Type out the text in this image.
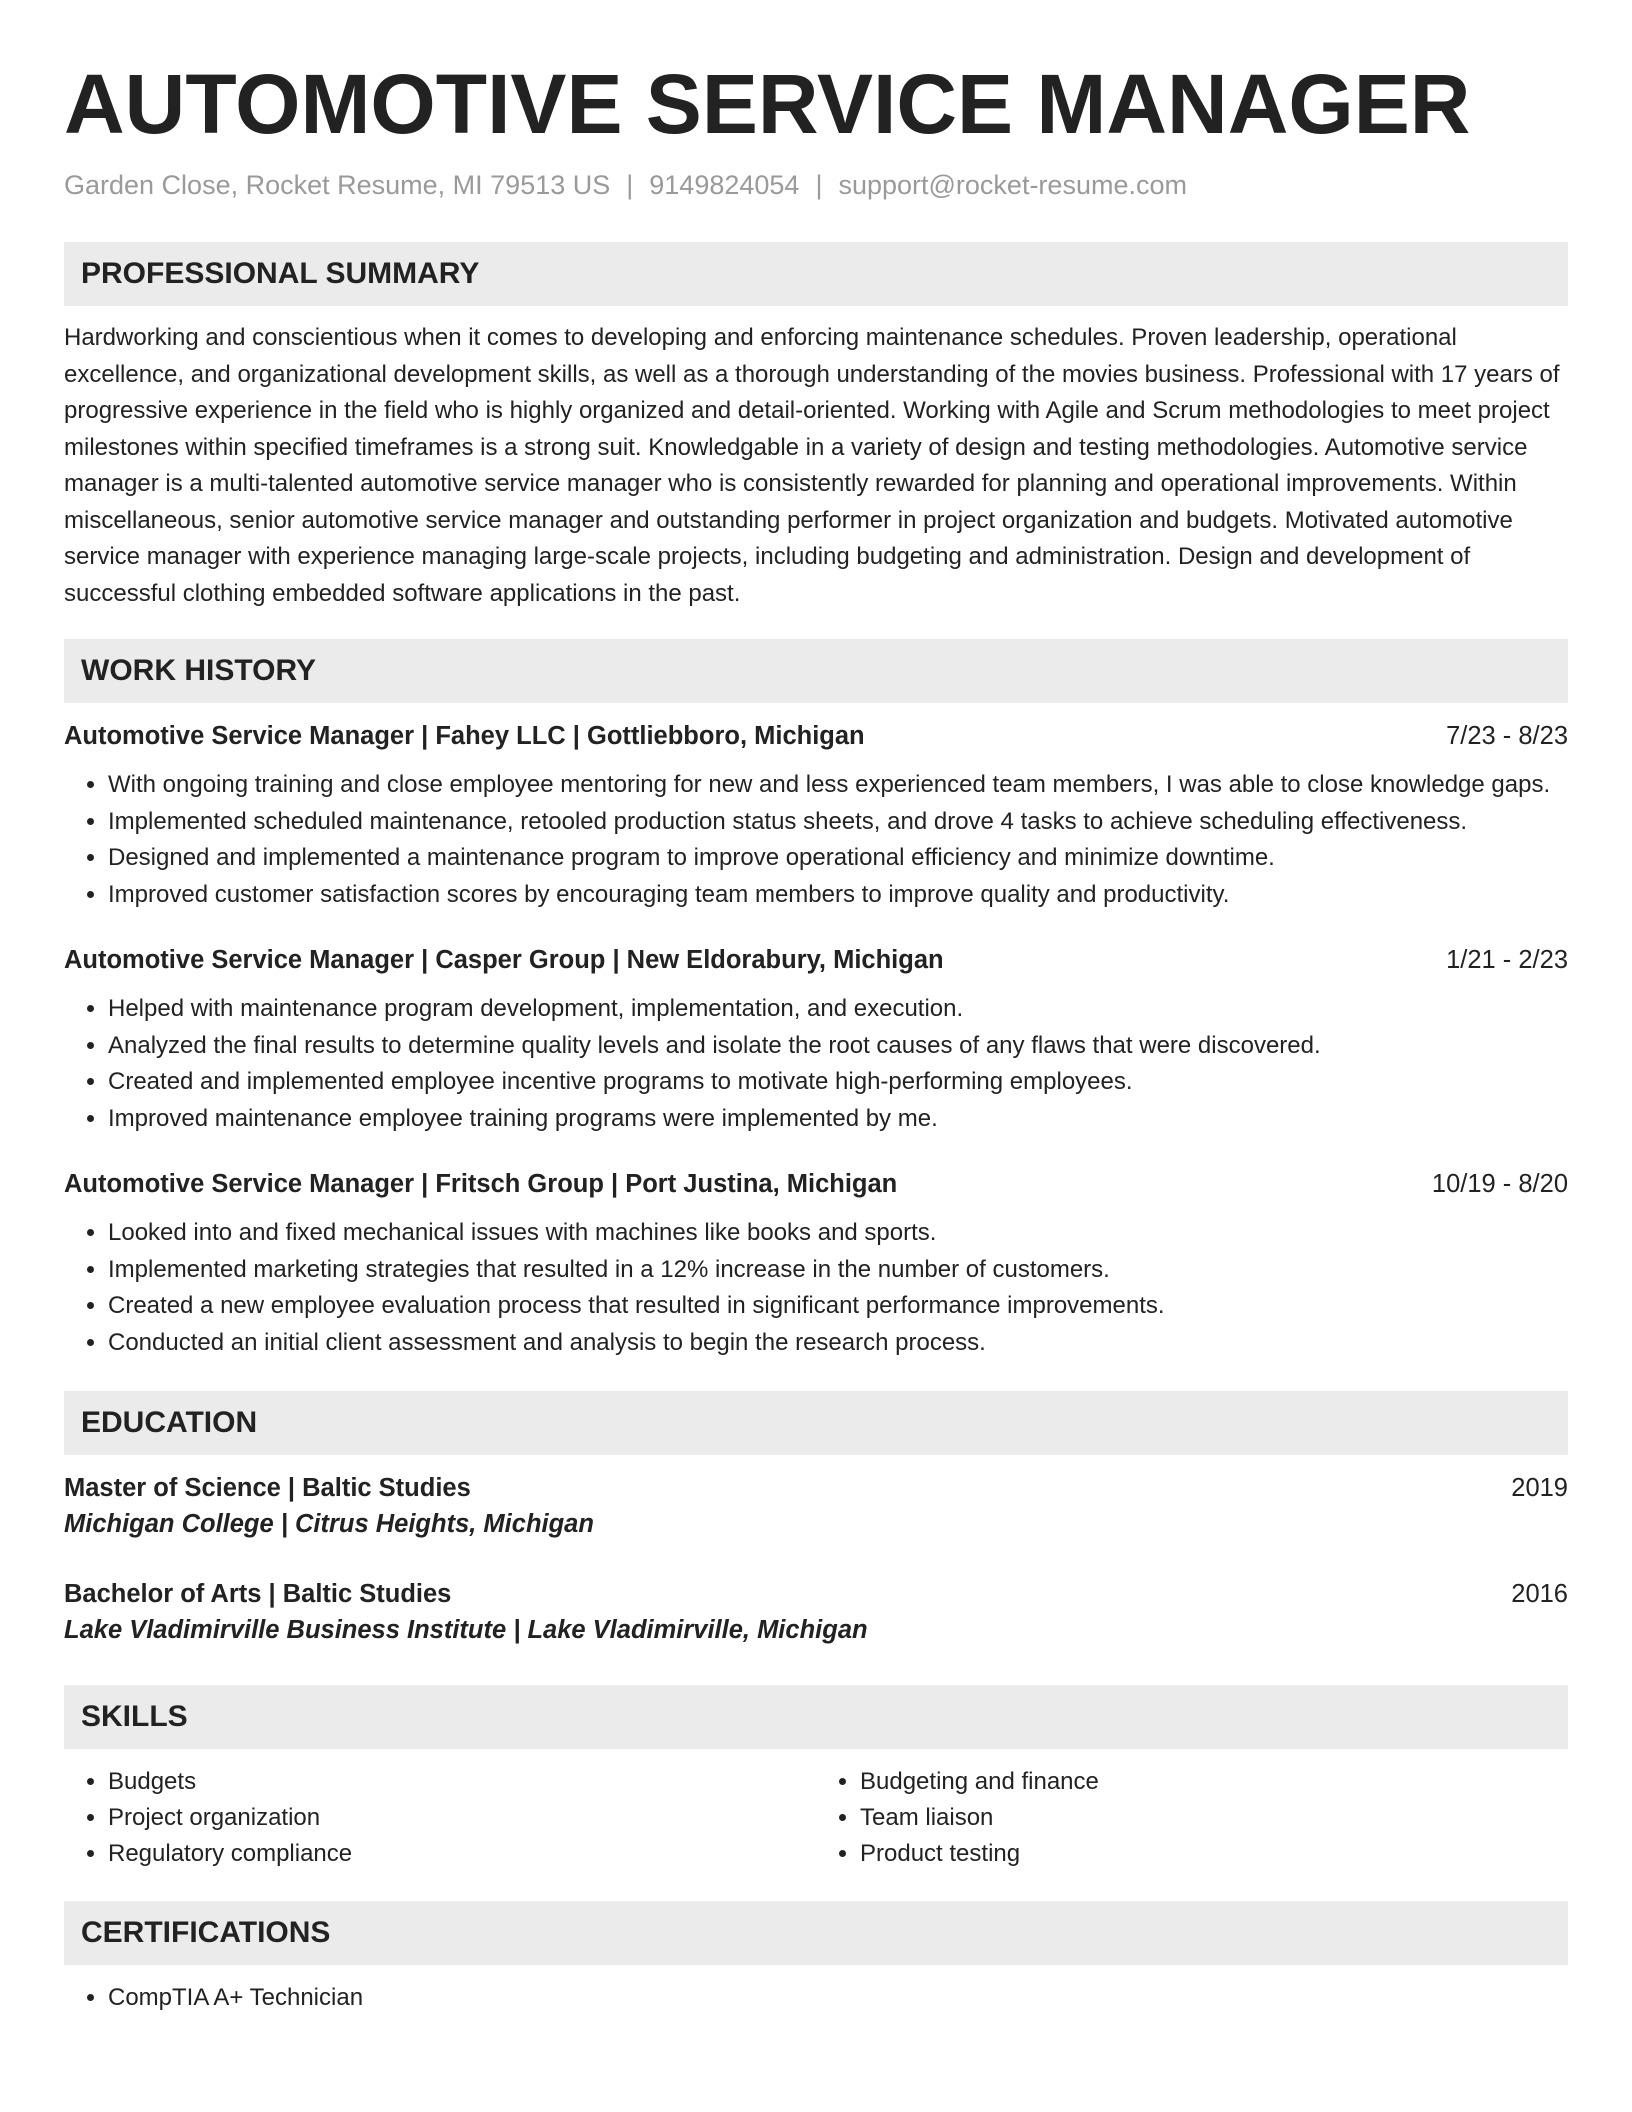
AUTOMOTIVE SERVICE MANAGER
Garden Close, Rocket Resume, MI 79513 US | 9149824054 | support@rocket-resume.com
PROFESSIONAL SUMMARY
Hardworking and conscientious when it comes to developing and enforcing maintenance schedules. Proven leadership, operational excellence, and organizational development skills, as well as a thorough understanding of the movies business. Professional with 17 years of progressive experience in the field who is highly organized and detail-oriented. Working with Agile and Scrum methodologies to meet project milestones within specified timeframes is a strong suit. Knowledgable in a variety of design and testing methodologies. Automotive service manager is a multi-talented automotive service manager who is consistently rewarded for planning and operational improvements. Within miscellaneous, senior automotive service manager and outstanding performer in project organization and budgets. Motivated automotive service manager with experience managing large-scale projects, including budgeting and administration. Design and development of successful clothing embedded software applications in the past.
WORK HISTORY
Automotive Service Manager | Fahey LLC | Gottliebboro, Michigan	7/23 - 8/23
• With ongoing training and close employee mentoring for new and less experienced team members, I was able to close knowledge gaps.
• Implemented scheduled maintenance, retooled production status sheets, and drove 4 tasks to achieve scheduling effectiveness.
• Designed and implemented a maintenance program to improve operational efficiency and minimize downtime.
• Improved customer satisfaction scores by encouraging team members to improve quality and productivity.
Automotive Service Manager | Casper Group | New Eldorabury, Michigan	1/21 - 2/23
• Helped with maintenance program development, implementation, and execution.
• Analyzed the final results to determine quality levels and isolate the root causes of any flaws that were discovered.
• Created and implemented employee incentive programs to motivate high-performing employees.
• Improved maintenance employee training programs were implemented by me.
Automotive Service Manager | Fritsch Group | Port Justina, Michigan	10/19 - 8/20
• Looked into and fixed mechanical issues with machines like books and sports.
• Implemented marketing strategies that resulted in a 12% increase in the number of customers.
• Created a new employee evaluation process that resulted in significant performance improvements.
• Conducted an initial client assessment and analysis to begin the research process.
EDUCATION
Master of Science | Baltic Studies	2019
Michigan College | Citrus Heights, Michigan
Bachelor of Arts | Baltic Studies	2016
Lake Vladimirville Business Institute | Lake Vladimirville, Michigan
SKILLS
• Budgets
• Project organization
• Regulatory compliance
• Budgeting and finance
• Team liaison
• Product testing
CERTIFICATIONS
• CompTIA A+ Technician
